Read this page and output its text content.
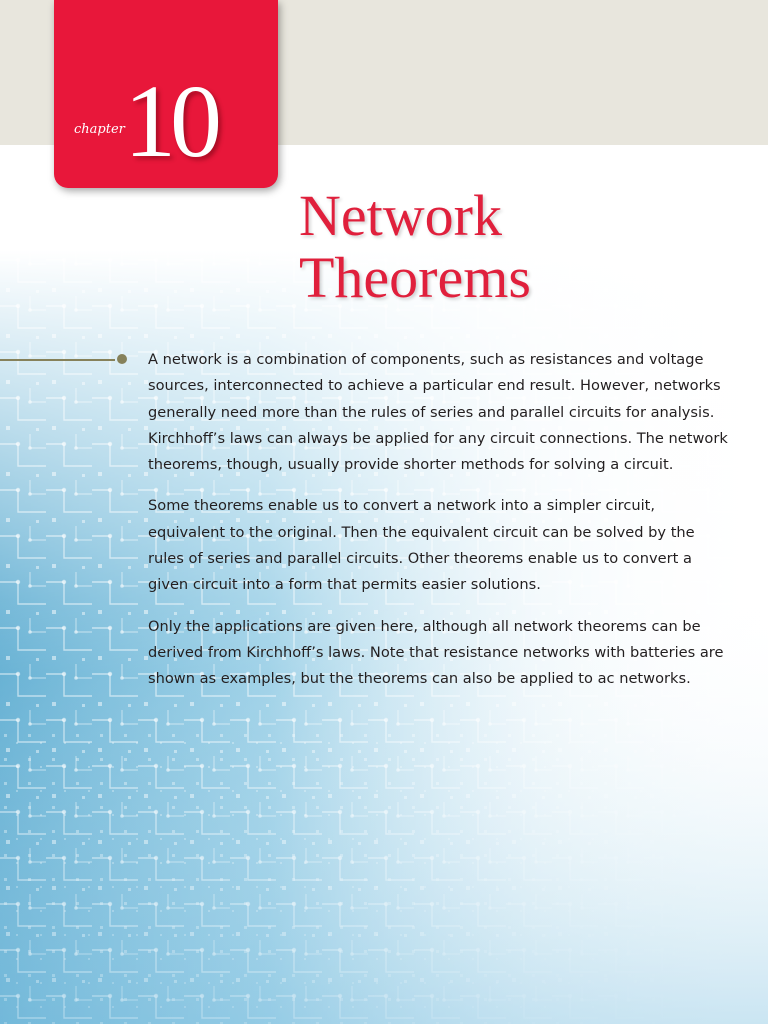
chapter 10
Network
Theorems

A network is a combination of components, such as resistances and voltage sources, interconnected to achieve a particular end result. However, networks generally need more than the rules of series and parallel circuits for analysis. Kirchhoff’s laws can always be applied for any circuit connections. The network theorems, though, usually provide shorter methods for solving a circuit.

Some theorems enable us to convert a network into a simpler circuit, equivalent to the original. Then the equivalent circuit can be solved by the rules of series and parallel circuits. Other theorems enable us to convert a given circuit into a form that permits easier solutions.

Only the applications are given here, although all network theorems can be derived from Kirchhoff’s laws. Note that resistance networks with batteries are shown as examples, but the theorems can also be applied to ac networks.
